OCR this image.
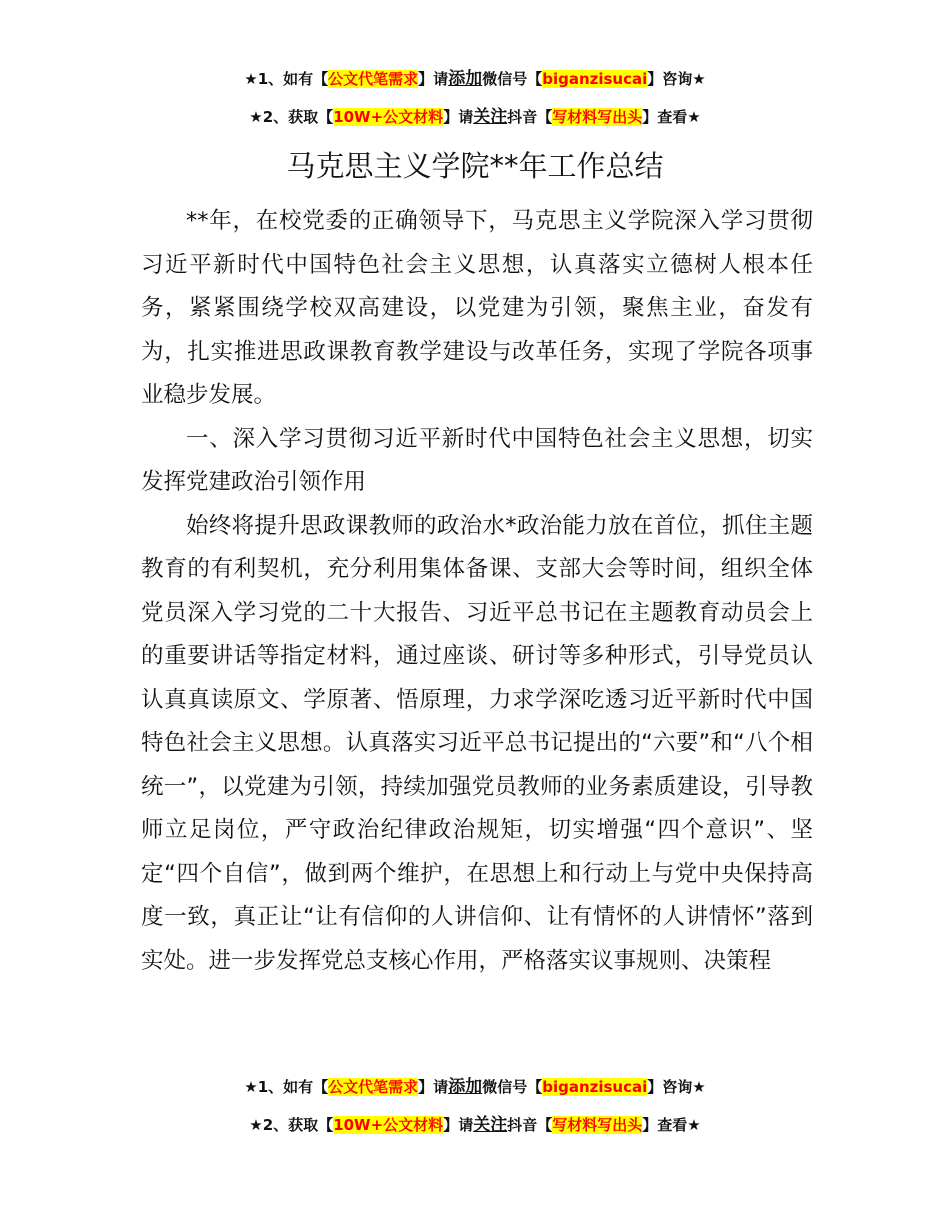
★1、如有【公文代笔需求】请添加微信号【biganzisucai】咨询★
★2、获取【10W+公文材料】请关注抖音【写材料写出头】查看★
马克思主义学院**年工作总结

**年，在校党委的正确领导下，马克思主义学院深入学习贯彻习近平新时代中国特色社会主义思想，认真落实立德树人根本任务，紧紧围绕学校双高建设，以党建为引领，聚焦主业，奋发有为，扎实推进思政课教育教学建设与改革任务，实现了学院各项事业稳步发展。

一、深入学习贯彻习近平新时代中国特色社会主义思想，切实发挥党建政治引领作用

始终将提升思政课教师的政治水*政治能力放在首位，抓住主题教育的有利契机，充分利用集体备课、支部大会等时间，组织全体党员深入学习党的二十大报告、习近平总书记在主题教育动员会上的重要讲话等指定材料，通过座谈、研讨等多种形式，引导党员认认真真读原文、学原著、悟原理，力求学深吃透习近平新时代中国特色社会主义思想。认真落实习近平总书记提出的“六要”和“八个相统一”，以党建为引领，持续加强党员教师的业务素质建设，引导教师立足岗位，严守政治纪律政治规矩，切实增强“四个意识”、坚定“四个自信”，做到两个维护，在思想上和行动上与党中央保持高度一致，真正让“让有信仰的人讲信仰、让有情怀的人讲情怀”落到实处。进一步发挥党总支核心作用，严格落实议事规则、决策程

★1、如有【公文代笔需求】请添加微信号【biganzisucai】咨询★
★2、获取【10W+公文材料】请关注抖音【写材料写出头】查看★
